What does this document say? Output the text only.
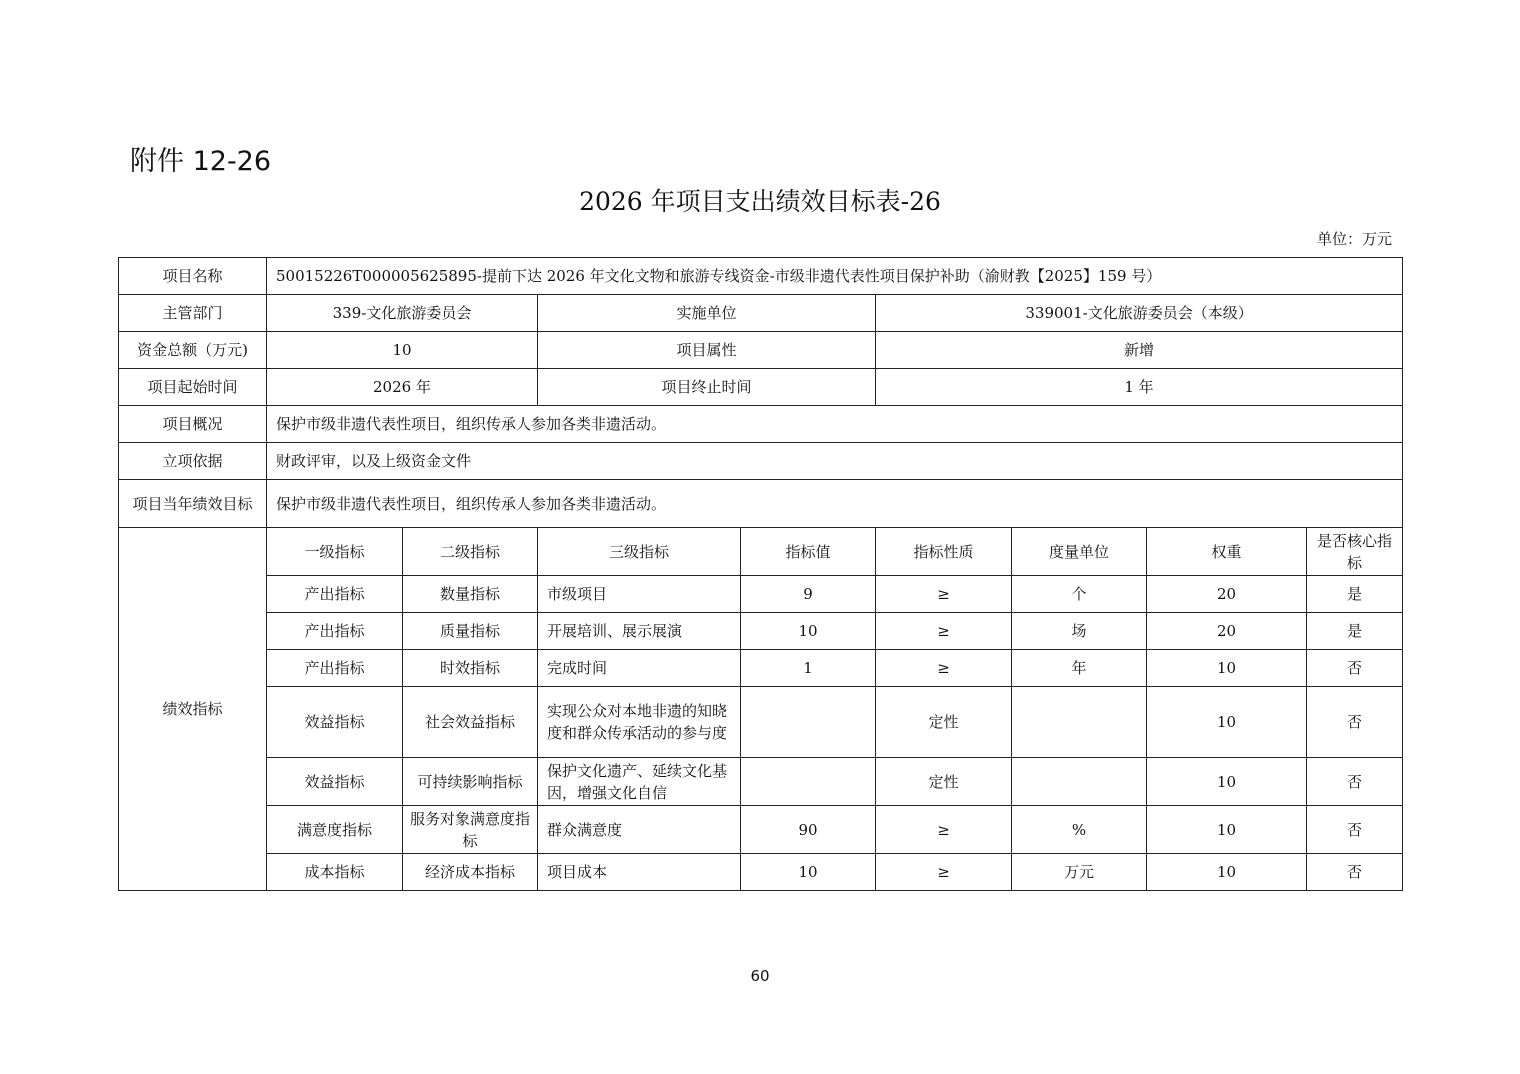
附件 12-26
2026 年项目支出绩效目标表-26
单位：万元
项目名称	50015226T000005625895-提前下达 2026 年文化文物和旅游专线资金-市级非遗代表性项目保护补助（渝财教【2025】159 号）							
主管部门	339-文化旅游委员会		实施单位		339001-文化旅游委员会（本级）			
资金总额（万元)	10		项目属性		新增			
项目起始时间	2026 年		项目终止时间		1 年			
项目概况	保护市级非遗代表性项目，组织传承人参加各类非遗活动。							
立项依据	财政评审，以及上级资金文件							
项目当年绩效目标	保护市级非遗代表性项目，组织传承人参加各类非遗活动。							
绩效指标	一级指标	二级指标	三级指标	指标值	指标性质	度量单位	权重	是否核心指标
	产出指标	数量指标	市级项目	9	≥	个	20	是
	产出指标	质量指标	开展培训、展示展演	10	≥	场	20	是
	产出指标	时效指标	完成时间	1	≥	年	10	否
	效益指标	社会效益指标	实现公众对本地非遗的知晓度和群众传承活动的参与度		定性		10	否
	效益指标	可持续影响指标	保护文化遗产、延续文化基因，增强文化自信		定性		10	否
	满意度指标	服务对象满意度指标	群众满意度	90	≥	%	10	否
	成本指标	经济成本指标	项目成本	10	≥	万元	10	否
60
